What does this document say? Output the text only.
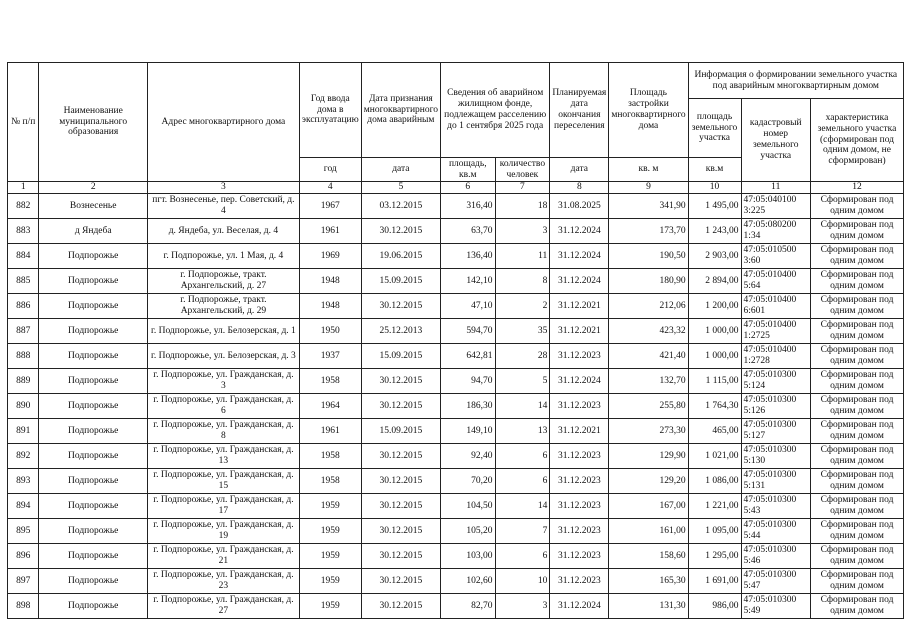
№ п/п	Наименование муниципального образования	Адрес многоквартирного дома	Год ввода дома в эксплуатацию	Дата признания многоквартирного дома аварийным	Сведения об аварийном жилищном фонде, подлежащем расселению до 1 сентября 2025 года		Планируемая дата окончания переселения	Площадь застройки многоквартирного дома	Информация о формировании земельного участка под аварийным многоквартирным домом		
									площадь земельного участка	кадастровый номер земельного участка	характеристика земельного участка (сформирован под одним домом, не сформирован)
			год	дата	площадь, кв.м	количество человек	дата	кв. м	кв.м		
1	2	3	4	5	6	7	8	9	10	11	12
882	Вознесенье	пгт. Вознесенье, пер. Советский, д. 4	1967	03.12.2015	316,40	18	31.08.2025	341,90	1 495,00	47:05:040100 3:225	Сформирован под одним домом
883	д Яндеба	д. Яндеба, ул. Веселая, д. 4	1961	30.12.2015	63,70	3	31.12.2024	173,70	1 243,00	47:05:080200 1:34	Сформирован под одним домом
884	Подпорожье	г. Подпорожье, ул. 1 Мая, д. 4	1969	19.06.2015	136,40	11	31.12.2024	190,50	2 903,00	47:05:010500 3:60	Сформирован под одним домом
885	Подпорожье	г. Подпорожье, тракт. Архангельский, д. 27	1948	15.09.2015	142,10	8	31.12.2024	180,90	2 894,00	47:05:010400 5:64	Сформирован под одним домом
886	Подпорожье	г. Подпорожье, тракт. Архангельский, д. 29	1948	30.12.2015	47,10	2	31.12.2021	212,06	1 200,00	47:05:010400 6:601	Сформирован под одним домом
887	Подпорожье	г. Подпорожье, ул. Белозерская, д. 1	1950	25.12.2013	594,70	35	31.12.2021	423,32	1 000,00	47:05:010400 1:2725	Сформирован под одним домом
888	Подпорожье	г. Подпорожье, ул. Белозерская, д. 3	1937	15.09.2015	642,81	28	31.12.2023	421,40	1 000,00	47:05:010400 1:2728	Сформирован под одним домом
889	Подпорожье	г. Подпорожье, ул. Гражданская, д. 3	1958	30.12.2015	94,70	5	31.12.2024	132,70	1 115,00	47:05:010300 5:124	Сформирован под одним домом
890	Подпорожье	г. Подпорожье, ул. Гражданская, д. 6	1964	30.12.2015	186,30	14	31.12.2023	255,80	1 764,30	47:05:010300 5:126	Сформирован под одним домом
891	Подпорожье	г. Подпорожье, ул. Гражданская, д. 8	1961	15.09.2015	149,10	13	31.12.2021	273,30	465,00	47:05:010300 5:127	Сформирован под одним домом
892	Подпорожье	г. Подпорожье, ул. Гражданская, д. 13	1958	30.12.2015	92,40	6	31.12.2023	129,90	1 021,00	47:05:010300 5:130	Сформирован под одним домом
893	Подпорожье	г. Подпорожье, ул. Гражданская, д. 15	1958	30.12.2015	70,20	6	31.12.2023	129,20	1 086,00	47:05:010300 5:131	Сформирован под одним домом
894	Подпорожье	г. Подпорожье, ул. Гражданская, д. 17	1959	30.12.2015	104,50	14	31.12.2023	167,00	1 221,00	47:05:010300 5:43	Сформирован под одним домом
895	Подпорожье	г. Подпорожье, ул. Гражданская, д. 19	1959	30.12.2015	105,20	7	31.12.2023	161,00	1 095,00	47:05:010300 5:44	Сформирован под одним домом
896	Подпорожье	г. Подпорожье, ул. Гражданская, д. 21	1959	30.12.2015	103,00	6	31.12.2023	158,60	1 295,00	47:05:010300 5:46	Сформирован под одним домом
897	Подпорожье	г. Подпорожье, ул. Гражданская, д. 23	1959	30.12.2015	102,60	10	31.12.2023	165,30	1 691,00	47:05:010300 5:47	Сформирован под одним домом
898	Подпорожье	г. Подпорожье, ул. Гражданская, д. 27	1959	30.12.2015	82,70	3	31.12.2024	131,30	986,00	47:05:010300 5:49	Сформирован под одним домом
